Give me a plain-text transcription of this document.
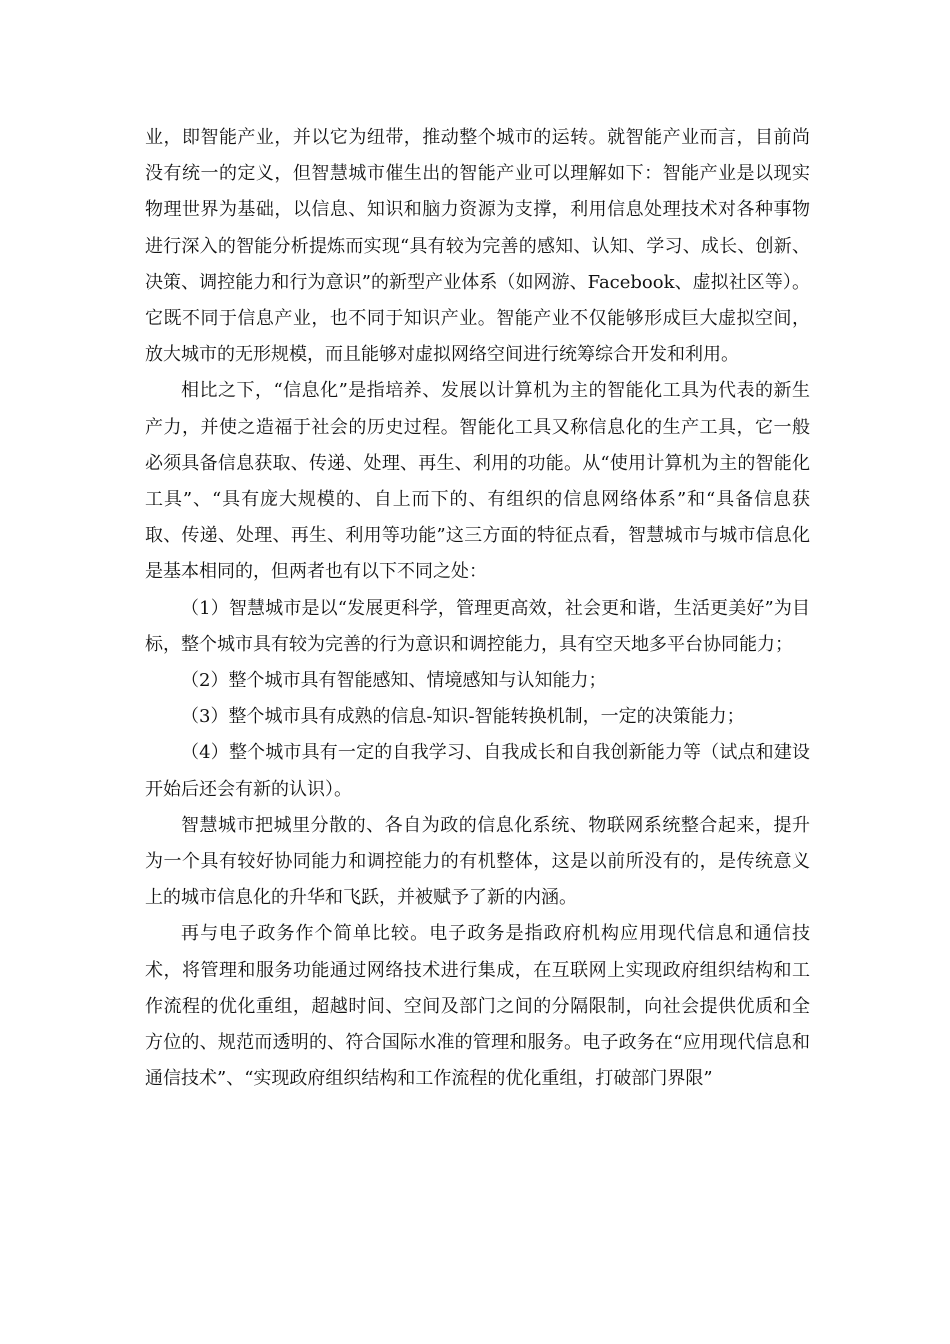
业，即智能产业，并以它为纽带，推动整个城市的运转。就智能产业而言，目前尚没有统一的定义，但智慧城市催生出的智能产业可以理解如下：智能产业是以现实物理世界为基础，以信息、知识和脑力资源为支撑，利用信息处理技术对各种事物进行深入的智能分析提炼而实现“具有较为完善的感知、认知、学习、成长、创新、决策、调控能力和行为意识”的新型产业体系（如网游、Facebook、虚拟社区等）。它既不同于信息产业，也不同于知识产业。智能产业不仅能够形成巨大虚拟空间，放大城市的无形规模，而且能够对虚拟网络空间进行统筹综合开发和利用。

相比之下，“信息化”是指培养、发展以计算机为主的智能化工具为代表的新生产力，并使之造福于社会的历史过程。智能化工具又称信息化的生产工具，它一般必须具备信息获取、传递、处理、再生、利用的功能。从“使用计算机为主的智能化工具”、“具有庞大规模的、自上而下的、有组织的信息网络体系”和“具备信息获取、传递、处理、再生、利用等功能”这三方面的特征点看，智慧城市与城市信息化是基本相同的，但两者也有以下不同之处：

（1）智慧城市是以“发展更科学，管理更高效，社会更和谐，生活更美好”为目标，整个城市具有较为完善的行为意识和调控能力，具有空天地多平台协同能力；

（2）整个城市具有智能感知、情境感知与认知能力；

（3）整个城市具有成熟的信息-知识-智能转换机制，一定的决策能力；

（4）整个城市具有一定的自我学习、自我成长和自我创新能力等（试点和建设开始后还会有新的认识）。

智慧城市把城里分散的、各自为政的信息化系统、物联网系统整合起来，提升为一个具有较好协同能力和调控能力的有机整体，这是以前所没有的，是传统意义上的城市信息化的升华和飞跃，并被赋予了新的内涵。

再与电子政务作个简单比较。电子政务是指政府机构应用现代信息和通信技术，将管理和服务功能通过网络技术进行集成，在互联网上实现政府组织结构和工作流程的优化重组，超越时间、空间及部门之间的分隔限制，向社会提供优质和全方位的、规范而透明的、符合国际水准的管理和服务。电子政务在“应用现代信息和通信技术”、“实现政府组织结构和工作流程的优化重组，打破部门界限”
